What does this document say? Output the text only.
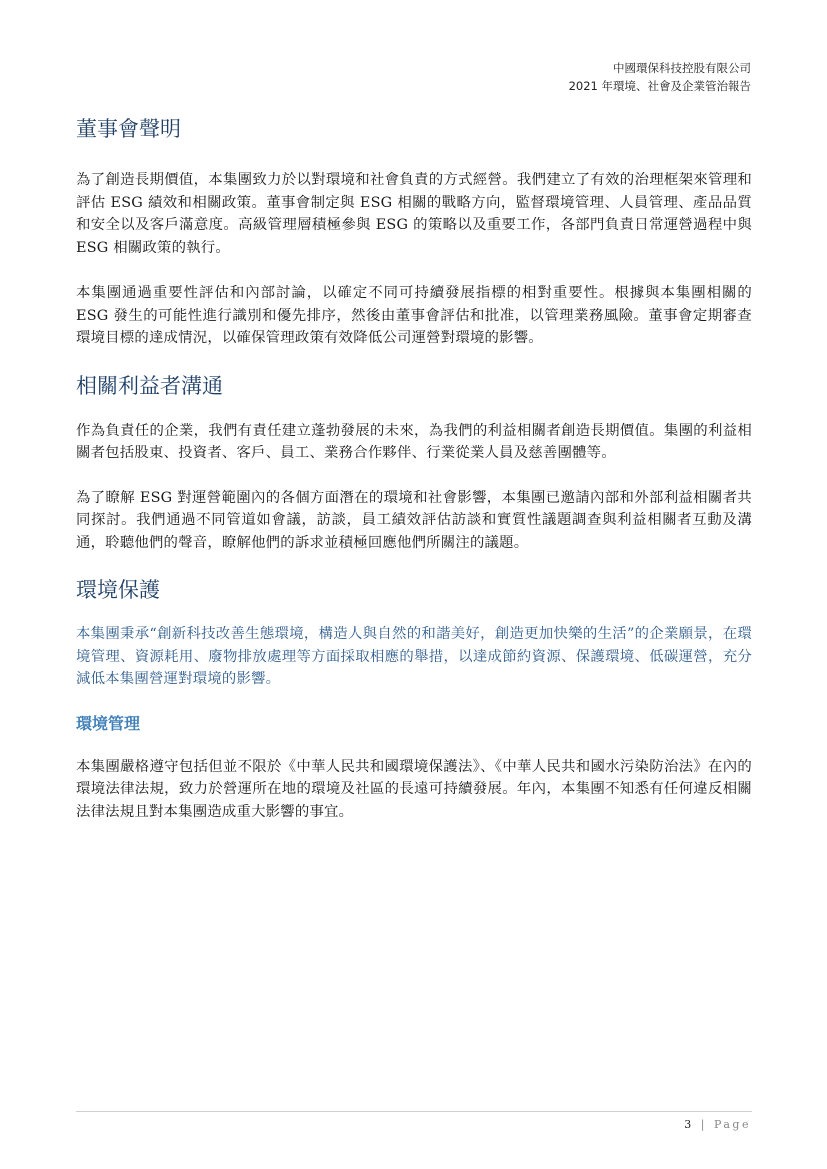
中國環保科技控股有限公司
2021 年環境、社會及企業管治報告
董事會聲明

為了創造長期價值，本集團致力於以對環境和社會負責的方式經營。我們建立了有效的治理框架來管理和評估 ESG 績效和相關政策。董事會制定與 ESG 相關的戰略方向，監督環境管理、人員管理、產品品質和安全以及客戶滿意度。高級管理層積極參與 ESG 的策略以及重要工作，各部門負責日常運營過程中與 ESG 相關政策的執行。

本集團通過重要性評估和內部討論，以確定不同可持續發展指標的相對重要性。根據與本集團相關的 ESG 發生的可能性進行識別和優先排序，然後由董事會評估和批准，以管理業務風險。董事會定期審查環境目標的達成情況，以確保管理政策有效降低公司運營對環境的影響。

相關利益者溝通

作為負責任的企業，我們有責任建立蓬勃發展的未來，為我們的利益相關者創造長期價值。集團的利益相關者包括股東、投資者、客戶、員工、業務合作夥伴、行業從業人員及慈善團體等。

為了瞭解 ESG 對運營範圍內的各個方面潛在的環境和社會影響，本集團已邀請內部和外部利益相關者共同探討。我們通過不同管道如會議，訪談，員工績效評估訪談和實質性議題調查與利益相關者互動及溝通，聆聽他們的聲音，瞭解他們的訴求並積極回應他們所關注的議題。

環境保護

本集團秉承“創新科技改善生態環境，構造人與自然的和諧美好，創造更加快樂的生活”的企業願景，在環境管理、資源耗用、廢物排放處理等方面採取相應的舉措，以達成節約資源、保護環境、低碳運營，充分減低本集團營運對環境的影響。

環境管理

本集團嚴格遵守包括但並不限於《中華人民共和國環境保護法》、《中華人民共和國水污染防治法》在內的環境法律法規，致力於營運所在地的環境及社區的長遠可持續發展。年內，本集團不知悉有任何違反相關法律法規且對本集團造成重大影響的事宜。

3 | Page
